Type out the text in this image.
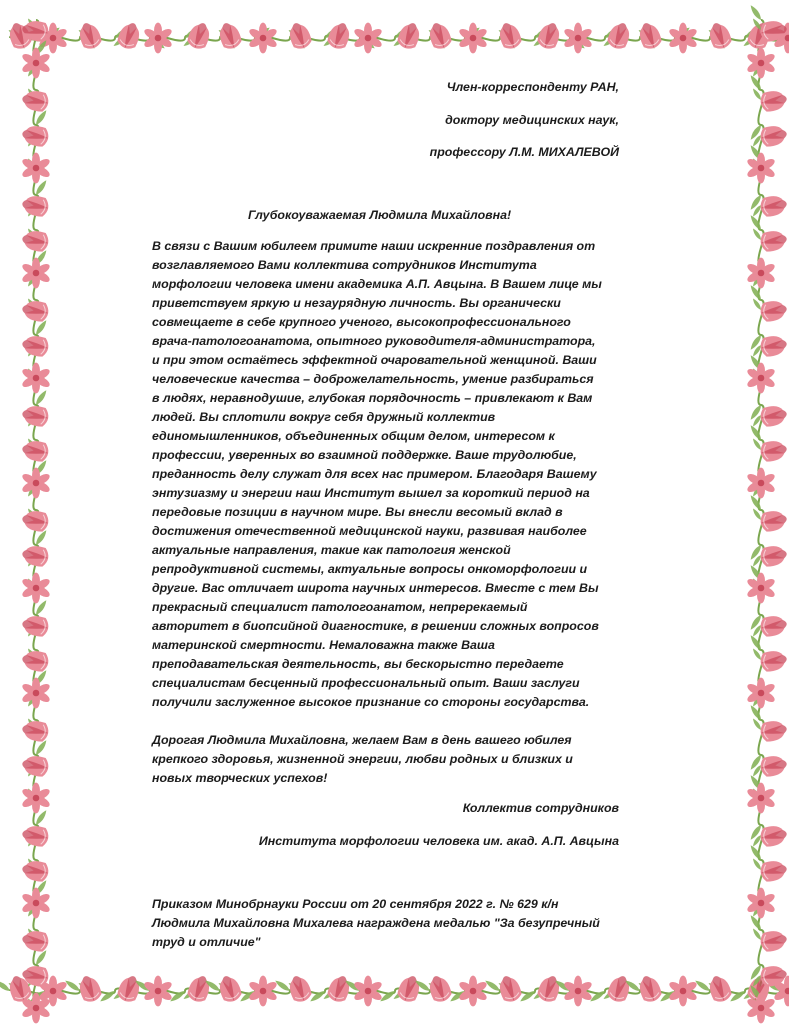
Член-корреспонденту РАН,
доктору медицинских наук,
профессору Л.М. МИХАЛЕВОЙ
Глубокоуважаемая Людмила Михайловна!
В связи с Вашим юбилеем примите наши искренние поздравления от
возглавляемого Вами коллектива сотрудников Института
морфологии человека имени академика А.П. Авцына. В Вашем лице мы
приветствуем яркую и незаурядную личность. Вы органически
совмещаете в себе крупного ученого, высокопрофессионального
врача-патологоанатома, опытного руководителя-администратора,
и при этом остаётесь эффектной очаровательной женщиной. Ваши
человеческие качества – доброжелательность, умение разбираться
в людях, неравнодушие, глубокая порядочность – привлекают к Вам
людей. Вы сплотили вокруг себя дружный коллектив
единомышленников, объединенных общим делом, интересом к
профессии, уверенных во взаимной поддержке. Ваше трудолюбие,
преданность делу служат для всех нас примером. Благодаря Вашему
энтузиазму и энергии наш Институт вышел за короткий период на
передовые позиции в научном мире. Вы внесли весомый вклад в
достижения отечественной медицинской науки, развивая наиболее
актуальные направления, такие как патология женской
репродуктивной системы, актуальные вопросы онкоморфологии и
другие. Вас отличает широта научных интересов. Вместе с тем Вы
прекрасный специалист патологоанатом, непререкаемый
авторитет в биопсийной диагностике, в решении сложных вопросов
материнской смертности. Немаловажна также Ваша
преподавательская деятельность, вы бескорыстно передаете
специалистам бесценный профессиональный опыт. Ваши заслуги
получили заслуженное высокое признание со стороны государства.
Дорогая Людмила Михайловна, желаем Вам в день вашего юбилея
крепкого здоровья, жизненной энергии, любви родных и близких и
новых творческих успехов!
Коллектив сотрудников
Института морфологии человека им. акад. А.П. Авцына
Приказом Минобрнауки России от 20 сентября 2022 г. № 629 к/н
Людмила Михайловна Михалева награждена медалью "За безупречный
труд и отличие"
